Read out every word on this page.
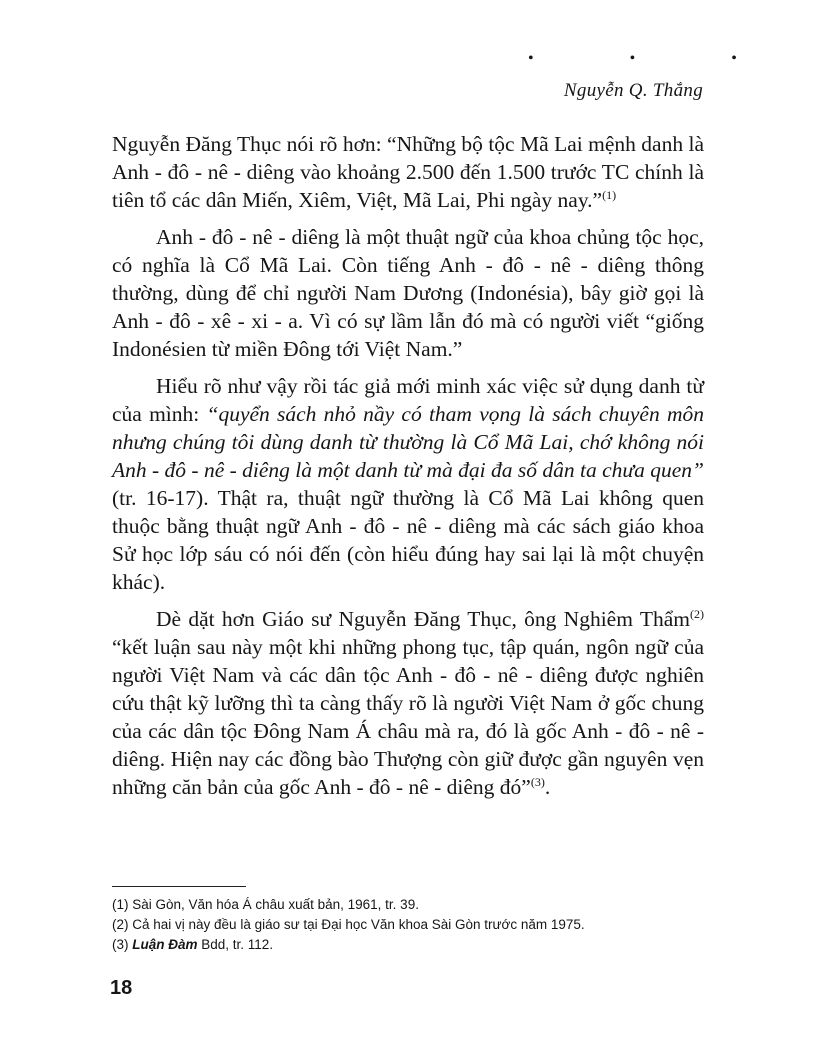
• • •
Nguyễn Q. Thắng

Nguyễn Đăng Thục nói rõ hơn: “Những bộ tộc Mã Lai mệnh danh là Anh - đô - nê - diêng vào khoảng 2.500 đến 1.500 trước TC chính là tiên tổ các dân Miến, Xiêm, Việt, Mã Lai, Phi ngày nay.”$^{(1)}$

Anh - đô - nê - diêng là một thuật ngữ của khoa chủng tộc học, có nghĩa là Cổ Mã Lai. Còn tiếng Anh - đô - nê - diêng thông thường, dùng để chỉ người Nam Dương (Indonésia), bây giờ gọi là Anh - đô - xê - xi - a. Vì có sự lầm lẫn đó mà có người viết “giống Indonésien từ miền Đông tới Việt Nam.”

Hiểu rõ như vậy rồi tác giả mới minh xác việc sử dụng danh từ của mình: “quyển sách nhỏ nầy có tham vọng là sách chuyên môn nhưng chúng tôi dùng danh từ thường là Cổ Mã Lai, chớ không nói Anh - đô - nê - diêng là một danh từ mà đại đa số dân ta chưa quen” (tr. 16-17). Thật ra, thuật ngữ thường là Cổ Mã Lai không quen thuộc bằng thuật ngữ Anh - đô - nê - diêng mà các sách giáo khoa Sử học lớp sáu có nói đến (còn hiểu đúng hay sai lại là một chuyện khác).

Dè dặt hơn Giáo sư Nguyễn Đăng Thục, ông Nghiêm Thẩm$^{(2)}$ “kết luận sau này một khi những phong tục, tập quán, ngôn ngữ của người Việt Nam và các dân tộc Anh - đô - nê - diêng được nghiên cứu thật kỹ lưỡng thì ta càng thấy rõ là người Việt Nam ở gốc chung của các dân tộc Đông Nam Á châu mà ra, đó là gốc Anh - đô - nê - diêng. Hiện nay các đồng bào Thượng còn giữ được gần nguyên vẹn những căn bản của gốc Anh - đô - nê - diêng đó”$^{(3)}$.

(1) Sài Gòn, Văn hóa Á châu xuất bản, 1961, tr. 39.
(2) Cả hai vị này đều là giáo sư tại Đại học Văn khoa Sài Gòn trước năm 1975.
(3) Luận Đàm Bdd, tr. 112.
18
